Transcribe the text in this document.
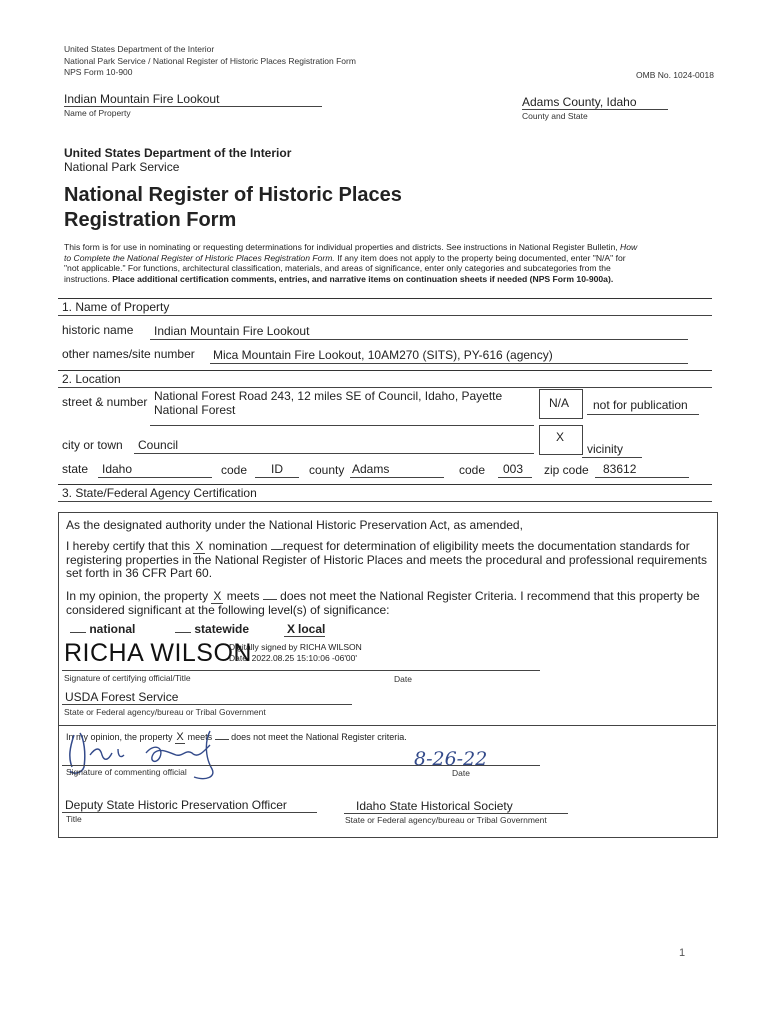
United States Department of the Interior
National Park Service / National Register of Historic Places Registration Form
NPS Form 10-900	OMB No. 1024-0018
Indian Mountain Fire Lookout
Name of Property
Adams County, Idaho
County and State
United States Department of the Interior
National Park Service
National Register of Historic Places
Registration Form
This form is for use in nominating or requesting determinations for individual properties and districts. See instructions in National Register Bulletin, How
to Complete the National Register of Historic Places Registration Form. If any item does not apply to the property being documented, enter "N/A" for
"not applicable." For functions, architectural classification, materials, and areas of significance, enter only categories and subcategories from the
instructions. Place additional certification comments, entries, and narrative items on continuation sheets if needed (NPS Form 10-900a).
1. Name of Property
historic name Indian Mountain Fire Lookout
other names/site number Mica Mountain Fire Lookout, 10AM270 (SITS), PY-616 (agency)
2. Location
street & number National Forest Road 243, 12 miles SE of Council, Idaho, Payette
National Forest	N/A not for publication
city or town Council
X
vicinity
state Idaho	code ID county Adams	code 003 zip code 83612
3. State/Federal Agency Certification
As the designated authority under the National Historic Preservation Act, as amended,
I hereby certify that this X nomination request for determination of eligibility meets the documentation standards for
registering properties in the National Register of Historic Places and meets the procedural and professional requirements
set forth in 36 CFR Part 60.
In my opinion, the property X meets does not meet the National Register Criteria. I recommend that this property be
considered significant at the following level(s) of significance:
national	statewide	X local
RICHA WILSON
Digitally signed by RICHA WILSON
Date: 2022.08.25 15:10:06 -06'00'
Signature of certifying official/Title	Date
USDA Forest Service
State or Federal agency/bureau or Tribal Government
In my opinion, the property X meets does not meet the National Register criteria.
Signature of commenting official
8-26-22
Date
Deputy State Historic Preservation Officer
Title
Idaho State Historical Society
State or Federal agency/bureau or Tribal Government
1
